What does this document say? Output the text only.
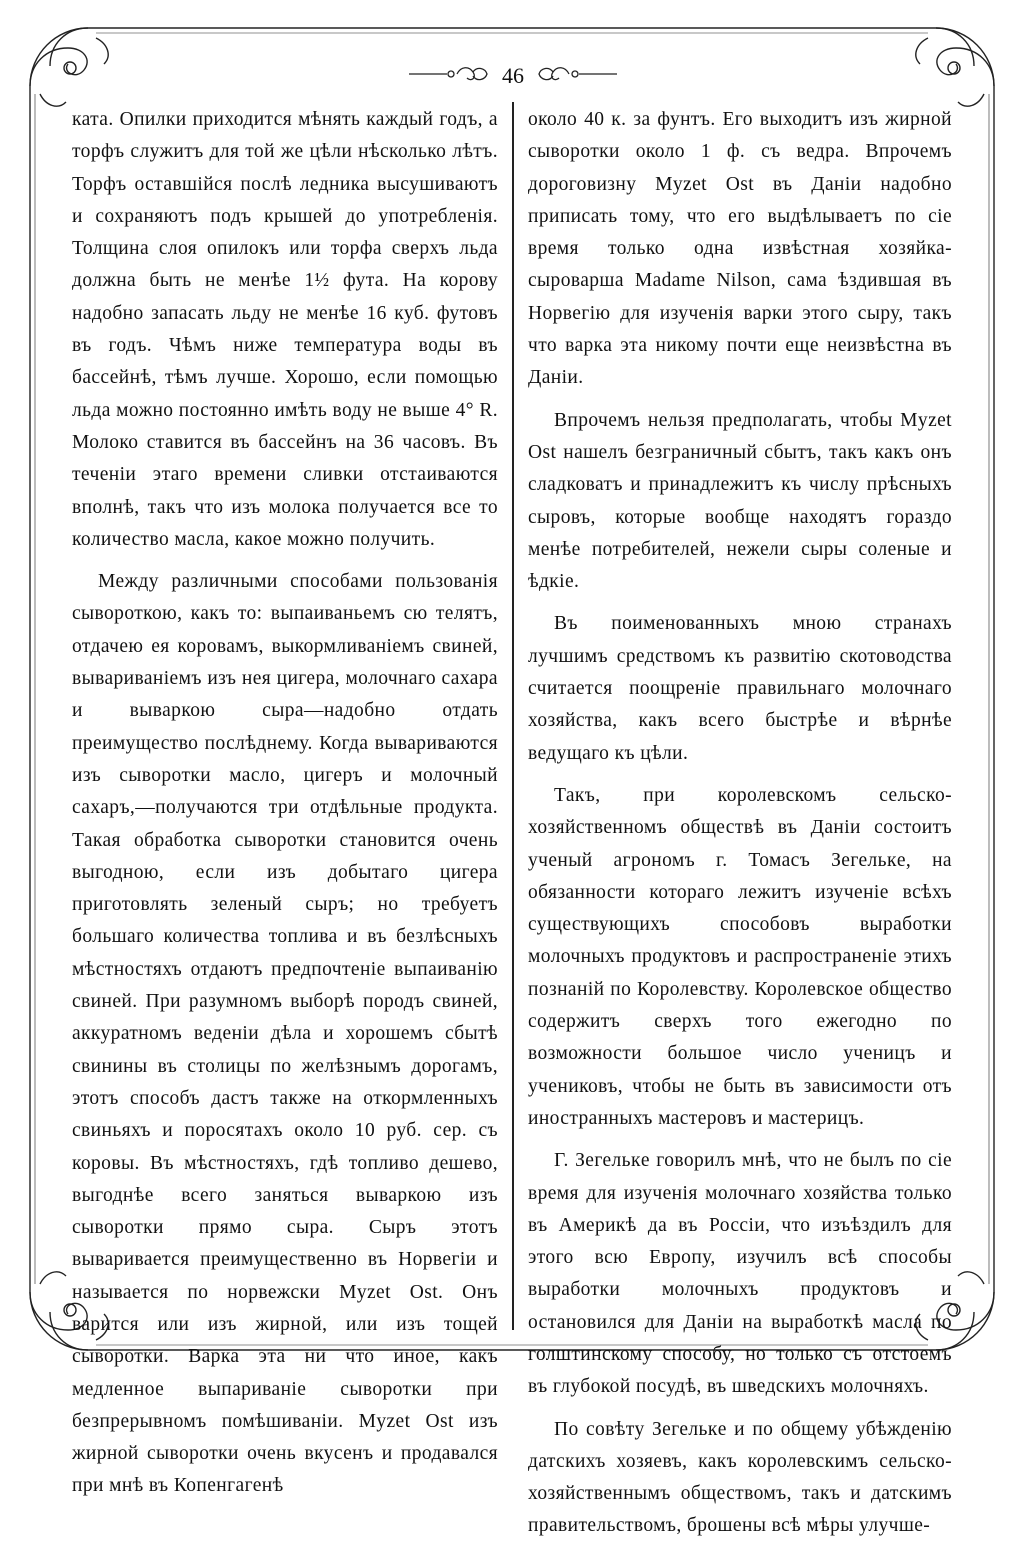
46

ката. Опилки приходится мѣнять каждый годъ, а торфъ служитъ для той же цѣли нѣсколько лѣтъ. Торфъ оставшійся послѣ ледника высушиваютъ и сохраняютъ подъ крышей до употребленія. Толщина слоя опилокъ или торфа сверхъ льда должна быть не менѣе 1½ фута. На корову надобно запасать льду не менѣе 16 куб. футовъ въ годъ. Чѣмъ ниже температура воды въ бассейнѣ, тѣмъ лучше. Хорошо, если помощью льда можно постоянно имѣть воду не выше 4° R. Молоко ставится въ бассейнъ на 36 часовъ. Въ теченіи этаго времени сливки отстаиваются вполнѣ, такъ что изъ молока получается все то количество масла, какое можно получить.

Между различными способами пользованія сывороткою, какъ то: выпаиваньемъ сю телятъ, отдачею ея коровамъ, выкормливаніемъ свиней, вывариваніемъ изъ нея цигера, молочнаго сахара и вываркою сыра—надобно отдать преимущество послѣднему. Когда вывариваются изъ сыворотки масло, цигеръ и молочный сахаръ,—получаются три отдѣльные продукта. Такая обработка сыворотки становится очень выгодною, если изъ добытаго цигера приготовлять зеленый сыръ; но требуетъ большаго количества топлива и въ безлѣсныхъ мѣстностяхъ отдаютъ предпочтеніе выпаиванію свиней. При разумномъ выборѣ породъ свиней, аккуратномъ веденіи дѣла и хорошемъ сбытѣ свинины въ столицы по желѣзнымъ дорогамъ, этотъ способъ дастъ также на откормленныхъ свиньяхъ и поросятахъ около 10 руб. сер. съ коровы. Въ мѣстностяхъ, гдѣ топливо дешево, выгоднѣе всего заняться вываркою изъ сыворотки прямо сыра. Сыръ этотъ вываривается преимущественно въ Норвегіи и называется по норвежски Myzet Ost. Онъ варится или изъ жирной, или изъ тощей сыворотки. Варка эта ни что иное, какъ медленное выпариваніе сыворотки при безпрерывномъ помѣшиваніи. Myzet Ost изъ жирной сыворотки очень вкусенъ и продавался при мнѣ въ Копенгагенѣ

около 40 к. за фунтъ. Его выходитъ изъ жирной сыворотки около 1 ф. съ ведра. Впрочемъ дороговизну Myzet Ost въ Даніи надобно приписать тому, что его выдѣлываетъ по сіе время только одна извѣстная хозяйка-сыроварша Madame Nilson, сама ѣздившая въ Норвегію для изученія варки этого сыру, такъ что варка эта никому почти еще неизвѣстна въ Даніи.

Впрочемъ нельзя предполагать, чтобы Myzet Ost нашелъ безграничный сбытъ, такъ какъ онъ сладковатъ и принадлежитъ къ числу прѣсныхъ сыровъ, которые вообще находятъ гораздо менѣе потребителей, нежели сыры соленые и ѣдкіе.

Въ поименованныхъ мною странахъ лучшимъ средствомъ къ развитію скотоводства считается поощреніе правильнаго молочнаго хозяйства, какъ всего быстрѣе и вѣрнѣе ведущаго къ цѣли.

Такъ, при королевскомъ сельско-хозяйственномъ обществѣ въ Даніи состоитъ ученый агрономъ г. Томасъ Зегелькe, на обязанности котораго лежитъ изученіе всѣхъ существующихъ способовъ выработки молочныхъ продуктовъ и распространеніе этихъ познаній по Королевству. Королевское общество содержитъ сверхъ того ежегодно по возможности большое число ученицъ и учениковъ, чтобы не быть въ зависимости отъ иностранныхъ мастеровъ и мастерицъ.

Г. Зегелькe говорилъ мнѣ, что не былъ по сіе время для изученія молочнаго хозяйства только въ Америкѣ да въ Россіи, что изъѣздилъ для этого всю Европу, изучилъ всѣ способы выработки молочныхъ продуктовъ и остановился для Даніи на выработкѣ масла по голштинскому способу, но только съ отстоемъ въ глубокой посудѣ, въ шведскихъ молочняхъ.

По совѣту Зегелькe и по общему убѣжденію датскихъ хозяевъ, какъ королевскимъ сельско-хозяйственнымъ обществомъ, такъ и датскимъ правительствомъ, брошены всѣ мѣры улучше-
